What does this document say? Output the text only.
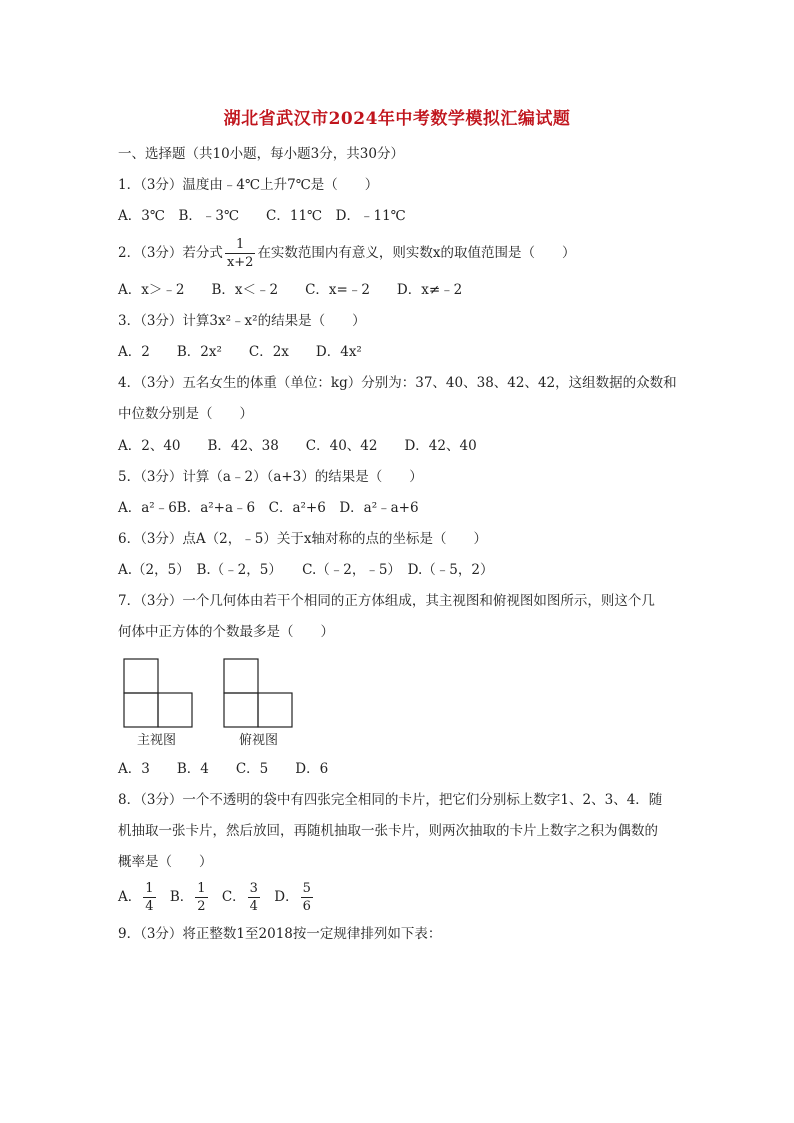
湖北省武汉市2024年中考数学模拟汇编试题
一、选择题（共10小题，每小题3分，共30分）
1．（3分）温度由﹣4℃上升7℃是（　　）
A．3℃　B．﹣3℃　　C．11℃　D．﹣11℃
2．（3分）若分式 $\frac{1}{x+2}$ 在实数范围内有意义，则实数x的取值范围是（　　）
A．x＞﹣2　　B．x＜﹣2　　C．x=﹣2　　D．x≠﹣2
3．（3分）计算3x²﹣x²的结果是（　　）
A．2　　B．2x²　　C．2x　　D．4x²
4．（3分）五名女生的体重（单位：kg）分别为：37、40、38、42、42，这组数据的众数和
中位数分别是（　　）
A．2、40　　B．42、38　　C．40、42　　D．42、40
5．（3分）计算（a﹣2）（a+3）的结果是（　　）
A．a²﹣6B．a²+a﹣6　C．a²+6　D．a²﹣a+6
6．（3分）点A（2，﹣5）关于x轴对称的点的坐标是（　　）
A.（2，5）　B.（﹣2，5）　　C.（﹣2，﹣5）　D.（﹣5，2）
7．（3分）一个几何体由若干个相同的正方体组成，其主视图和俯视图如图所示，则这个几
何体中正方体的个数最多是（　　）
主视图	俯视图
A．3　　B．4　　C．5　　D．6
8．（3分）一个不透明的袋中有四张完全相同的卡片，把它们分别标上数字1、2、3、4．随
机抽取一张卡片，然后放回，再随机抽取一张卡片，则两次抽取的卡片上数字之积为偶数的
概率是（　　）
A． $\frac{1}{4}$ B． $\frac{1}{2}$ C． $\frac{3}{4}$ D． $\frac{5}{6}$
9．（3分）将正整数1至2018按一定规律排列如下表：
